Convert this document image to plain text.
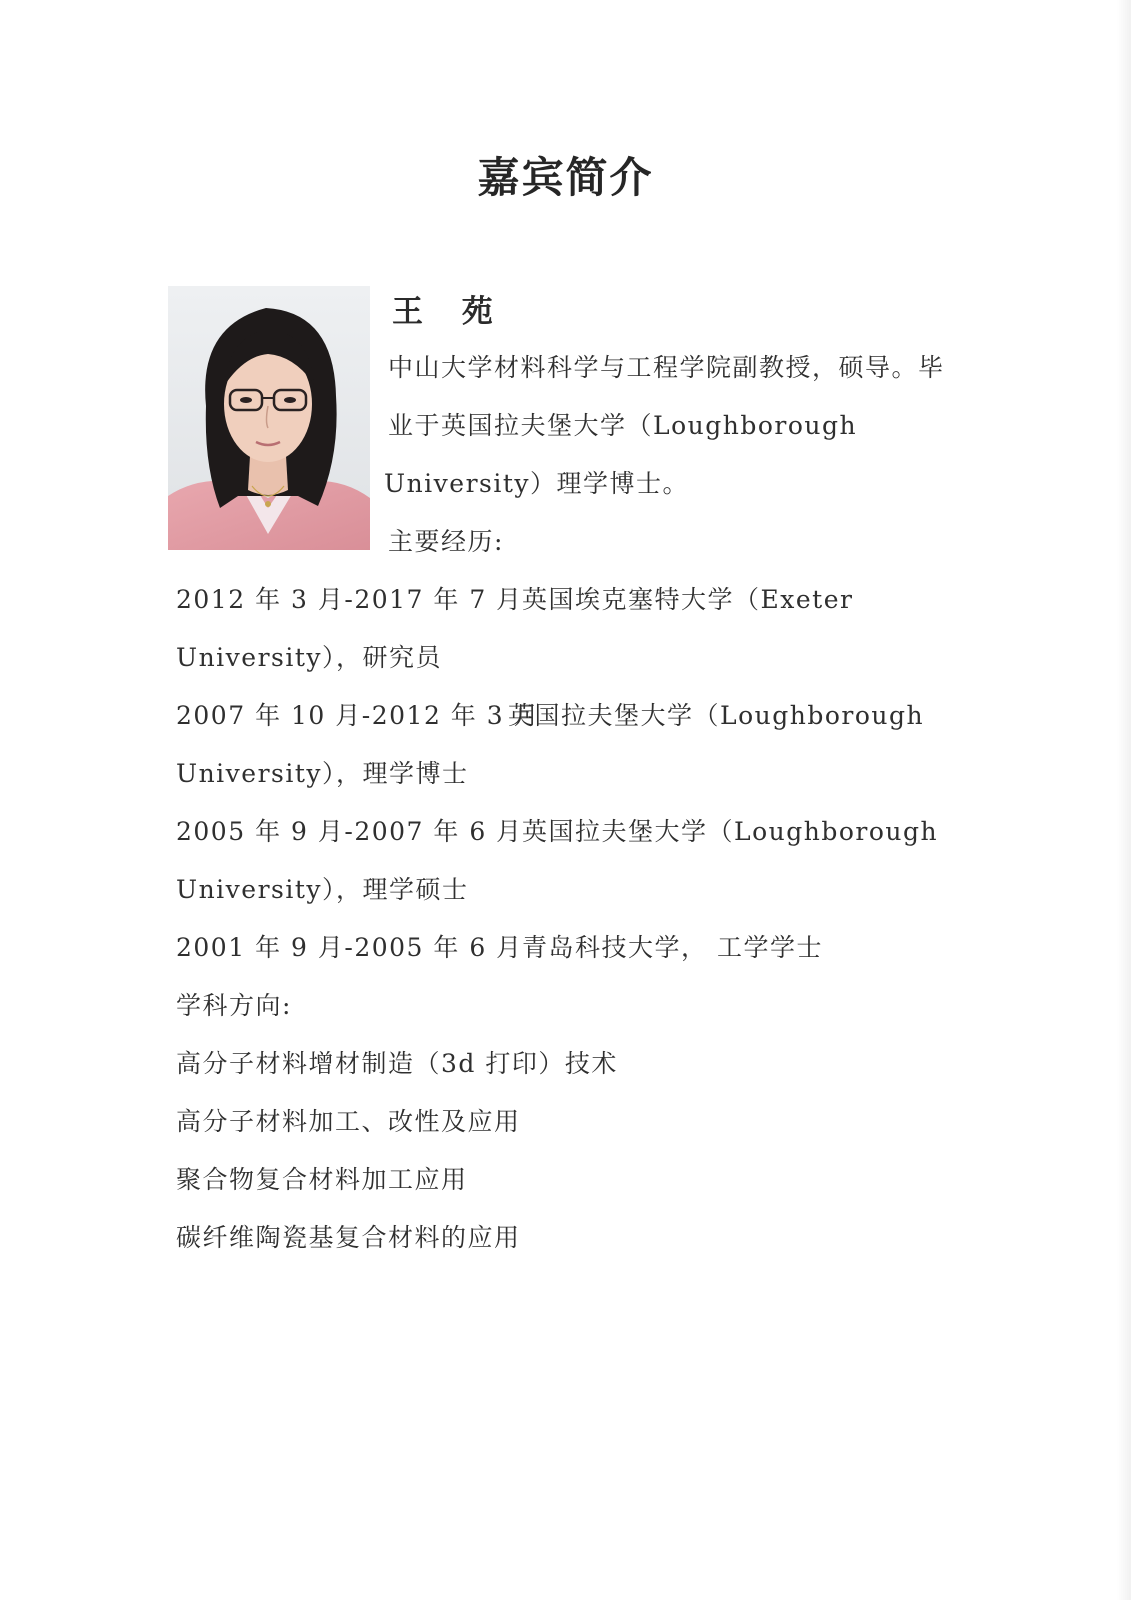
嘉宾简介
王 苑
中山大学材料科学与工程学院副教授，硕导。毕
业于英国拉夫堡大学（Loughborough
University）理学博士。
主要经历:
2012 年 3 月-2017 年 7 月 英国埃克塞特大学（Exeter
University），研究员
2007 年 10 月-2012 年 3 月
英国拉夫堡大学（Loughborough
University），理学博士
2005 年 9 月-2007 年 6 月 英国拉夫堡大学（Loughborough
University），理学硕士
2001 年 9 月-2005 年 6 月 青岛科技大学， 工学学士
学科方向:
高分子材料增材制造（3d 打印）技术
高分子材料加工、改性及应用
聚合物复合材料加工应用
碳纤维陶瓷基复合材料的应用
